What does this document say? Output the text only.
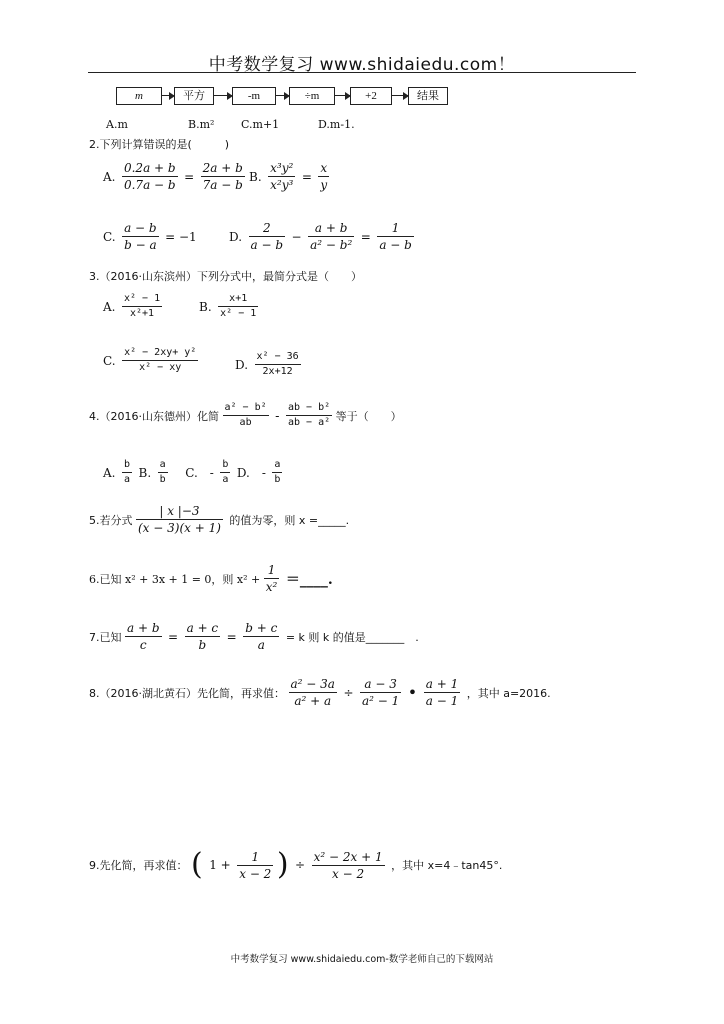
中考数学复习 www.shidaiedu.com！
m	平方	-m	÷m	+2	结果
A.m	B.m² C.m+1	D.m-1.
2.下列计算错误的是(　　　)
A. $\frac{0.2a + b}{0.7a - b} = \frac{2a + b}{7a - b} B$. $\frac{\text{x³y²}}{\text{x²y³}} = \frac{x}{y}$
C. $\frac{a - b}{b - a} = -1$	D. $\frac{2}{a - b} - \frac{a + b}{\text{a² − b²}} = \frac{1}{a - b}$
3.（2016·山东滨州）下列分式中，最简分式是（　　）
A. $\frac{\text{x² − 1}}{\text{x²+1}}$	B. $\frac{x+1}{\text{x² − 1}}$
C. $\frac{\text{x² − 2xy+ y²}}{\text{x² − xy}}$	D. $\frac{\text{x² − 36}}{2x+12}$
4.（2016·山东德州）化简 $\frac{\text{a² − b²}}{ab} - \frac{\text{ab − b²}}{\text{ab − a²}}$ 等于（　　）
A. $\frac{b}{a} B$. $\frac{a}{b} C$.　- $\frac{b}{a} D$.　- $\frac{a}{b}$
5.若分式 $\frac{| x |-3}{(x - 3)(x + 1)}$ 的值为零，则 x =_____.
6.已知 x² + 3x + 1 = 0，则 $x^2 + \frac{1}{\text{x²}}$ ＝____.
7.已知 $\frac{a + b}{c} = \frac{a + c}{b} = \frac{b + c}{a} = k$ 则 k 的值是_______　.
8.（2016·湖北黄石）先化简，再求值： $\frac{\text{a² − 3a}}{\text{a² + a}} \div \frac{a - 3}{\text{a² − 1}}$ • $\frac{a + 1}{a - 1}$ ，其中 a=2016.
9.先化简，再求值： ( $1 + \frac{1}{x - 2}$ ) ÷ $\frac{\text{x² − 2x + 1}}{x - 2}$ ，其中 x=4﹣tan45°.
中考数学复习 www.shidaiedu.com-数学老师自己的下载网站
